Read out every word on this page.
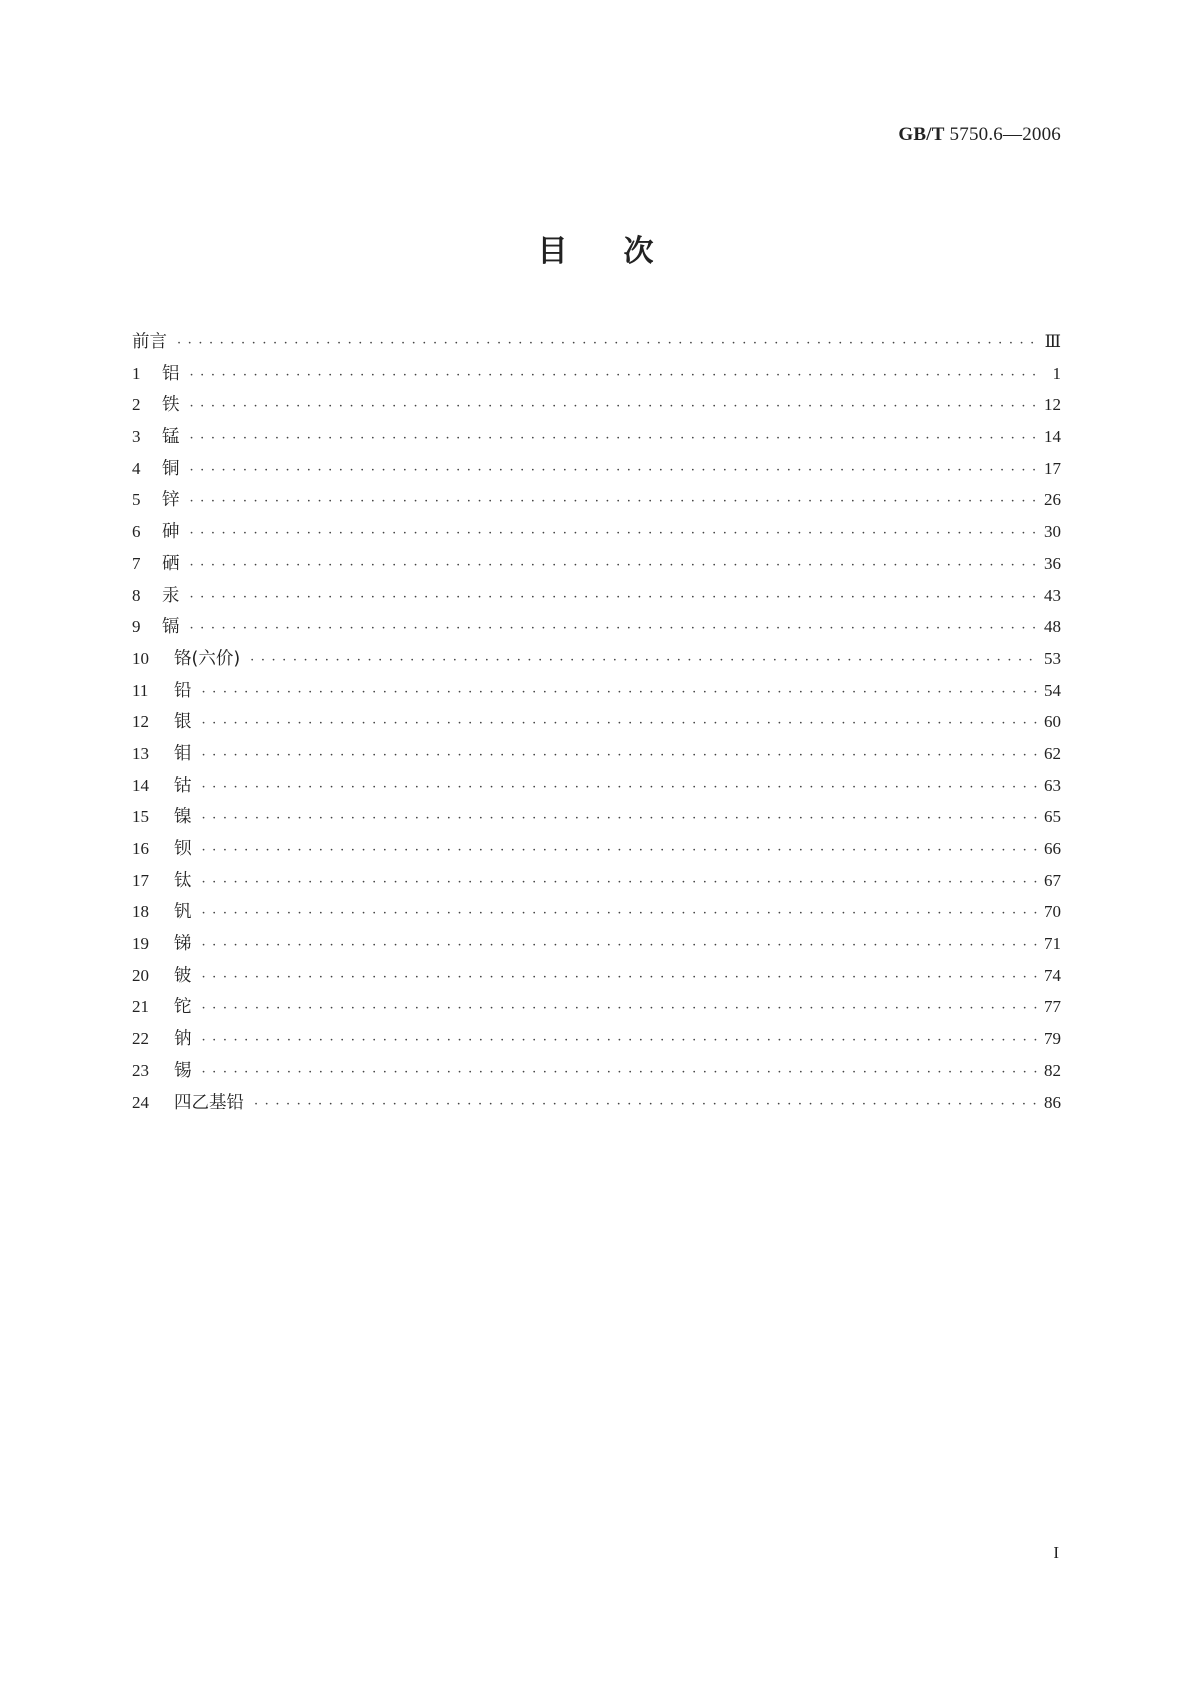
GB/T 5750.6—2006
目次
前言 · · ·	Ⅲ
1	铝 · · ·	1
2	铁 · · ·	12
3	锰 · · ·	14
4	铜 · · ·	17
5	锌 · · ·	26
6	砷 · · ·	30
7	硒 · · ·	36
8	汞 · · ·	43
9	镉 · · ·	48
10	铬(六价) · · ·	53
11	铅 · · ·	54
12	银 · · ·	60
13	钼 · · ·	62
14	钴 · · ·	63
15	镍 · · ·	65
16	钡 · · ·	66
17	钛 · · ·	67
18	钒 · · ·	70
19	锑 · · ·	71
20	铍 · · ·	74
21	铊 · · ·	77
22	钠 · · ·	79
23	锡 · · ·	82
24	四乙基铅 · · ·	86
I
